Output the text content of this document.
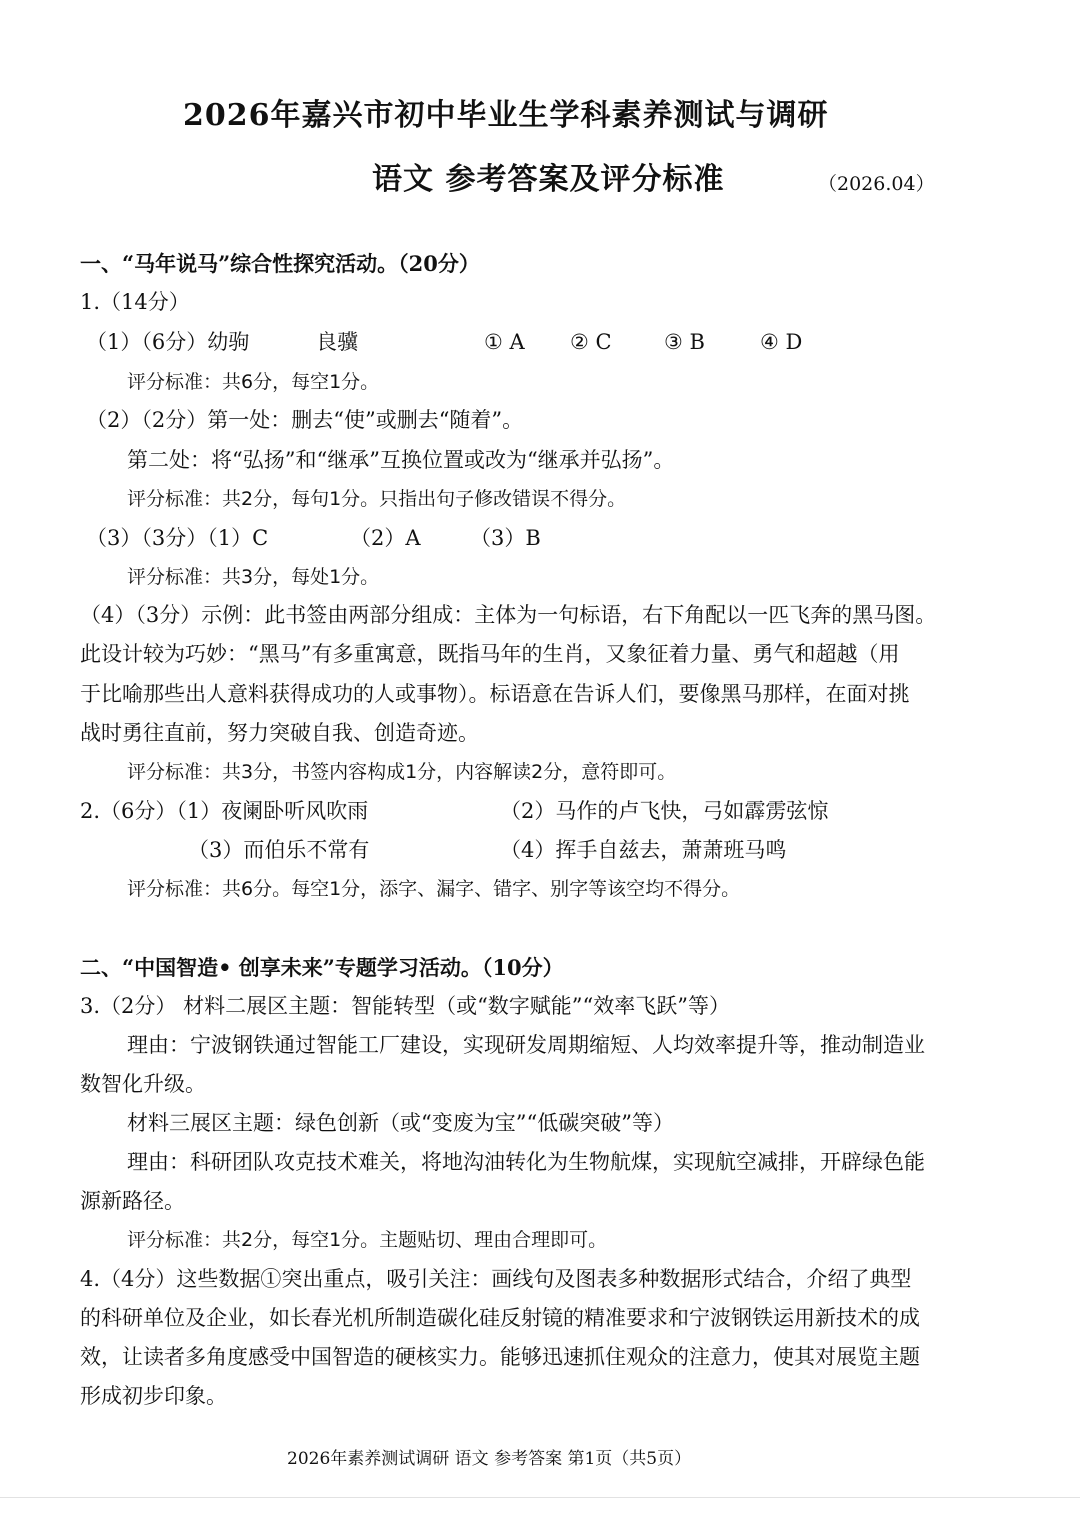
2026年嘉兴市初中毕业生学科素养测试与调研
语文 参考答案及评分标准	（2026.04）
一、“马年说马”综合性探究活动。（20分）
1.（14分）
（1）（6分）幼驹	良骥	① A ② C ③ B	④ D
评分标准：共6分，每空1分。
（2）（2分）第一处：删去“使”或删去“随着”。
第二处：将“弘扬”和“继承”互换位置或改为“继承并弘扬”。
评分标准：共2分，每句1分。只指出句子修改错误不得分。
（3）（3分）（1）C	（2）A （3）B
评分标准：共3分，每处1分。
（4）（3分）示例：此书签由两部分组成：主体为一句标语，右下角配以一匹飞奔的黑马图。
此设计较为巧妙：“黑马”有多重寓意，既指马年的生肖，又象征着力量、勇气和超越（用
于比喻那些出人意料获得成功的人或事物）。标语意在告诉人们，要像黑马那样，在面对挑
战时勇往直前，努力突破自我、创造奇迹。
评分标准：共3分，书签内容构成1分，内容解读2分，意符即可。
2.（6分）（1）夜阑卧听风吹雨	（2）马作的卢飞快，弓如霹雳弦惊
（3）而伯乐不常有	（4）挥手自兹去，萧萧班马鸣
评分标准：共6分。每空1分，添字、漏字、错字、别字等该空均不得分。
二、“中国智造• 创享未来”专题学习活动。（10分）
3.（2分） 材料二展区主题：智能转型（或“数字赋能”“效率飞跃”等）
理由：宁波钢铁通过智能工厂建设，实现研发周期缩短、人均效率提升等，推动制造业
数智化升级。
材料三展区主题：绿色创新（或“变废为宝”“低碳突破”等）
理由：科研团队攻克技术难关，将地沟油转化为生物航煤，实现航空减排，开辟绿色能
源新路径。
评分标准：共2分，每空1分。主题贴切、理由合理即可。
4.（4分）这些数据①突出重点，吸引关注：画线句及图表多种数据形式结合，介绍了典型
的科研单位及企业，如长春光机所制造碳化硅反射镜的精准要求和宁波钢铁运用新技术的成
效，让读者多角度感受中国智造的硬核实力。能够迅速抓住观众的注意力，使其对展览主题
形成初步印象。
2026年素养测试调研 语文 参考答案 第1页（共5页）
